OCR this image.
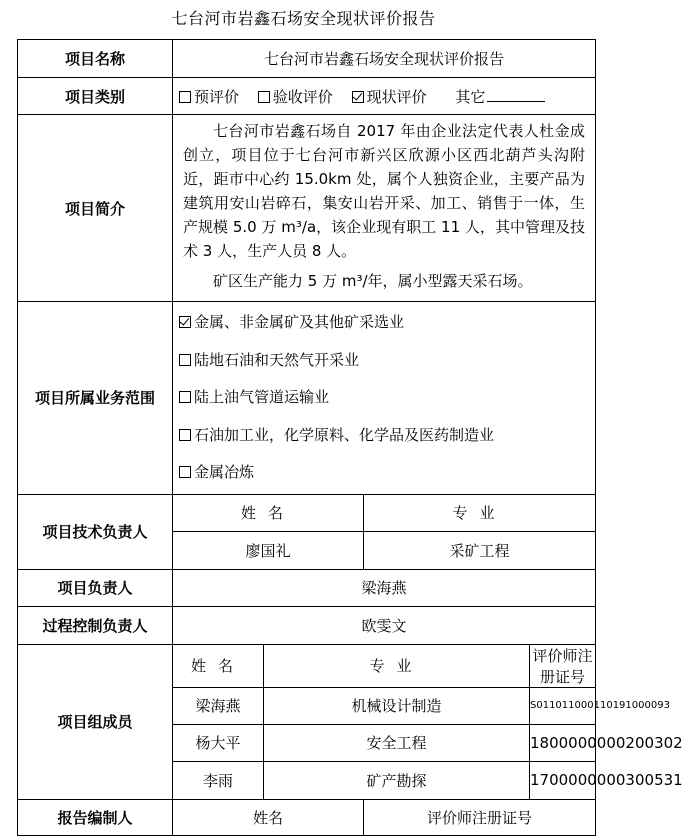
七台河市岩鑫石场安全现状评价报告
项目名称	七台河市岩鑫石场安全现状评价报告			
项目类别	预评价 验收评价 现状评价 其它			
项目简介	七台河市岩鑫石场自 2017 年由企业法定代表人杜金成创立，项目位于七台河市新兴区欣源小区西北葫芦头沟附近，距市中心约 15.0km 处，属个人独资企业，主要产品为建筑用安山岩碎石，集安山岩开采、加工、销售于一体，生产规模 5.0 万 m³/a，该企业现有职工 11 人，其中管理及技术 3 人，生产人员 8 人。

矿区生产能力 5 万 m³/年，属小型露天采石场。			

项目所属业务范围	金属、非金属矿及其他矿采选业
陆地石油和天然气开采业
陆上油气管道运输业
石油加工业，化学原料、化学品及医药制造业
金属冶炼			

项目技术负责人	姓名		专业	
	廖国礼		采矿工程	
项目负责人	梁海燕			
过程控制负责人	欧雯文			
项目组成员	姓名	专业		评价师注册证号
	梁海燕	机械设计制造		S011011000110191000093
	杨大平	安全工程		1800000000200302
	李雨	矿产勘探		1700000000300531
报告编制人	姓名		评价师注册证号	
